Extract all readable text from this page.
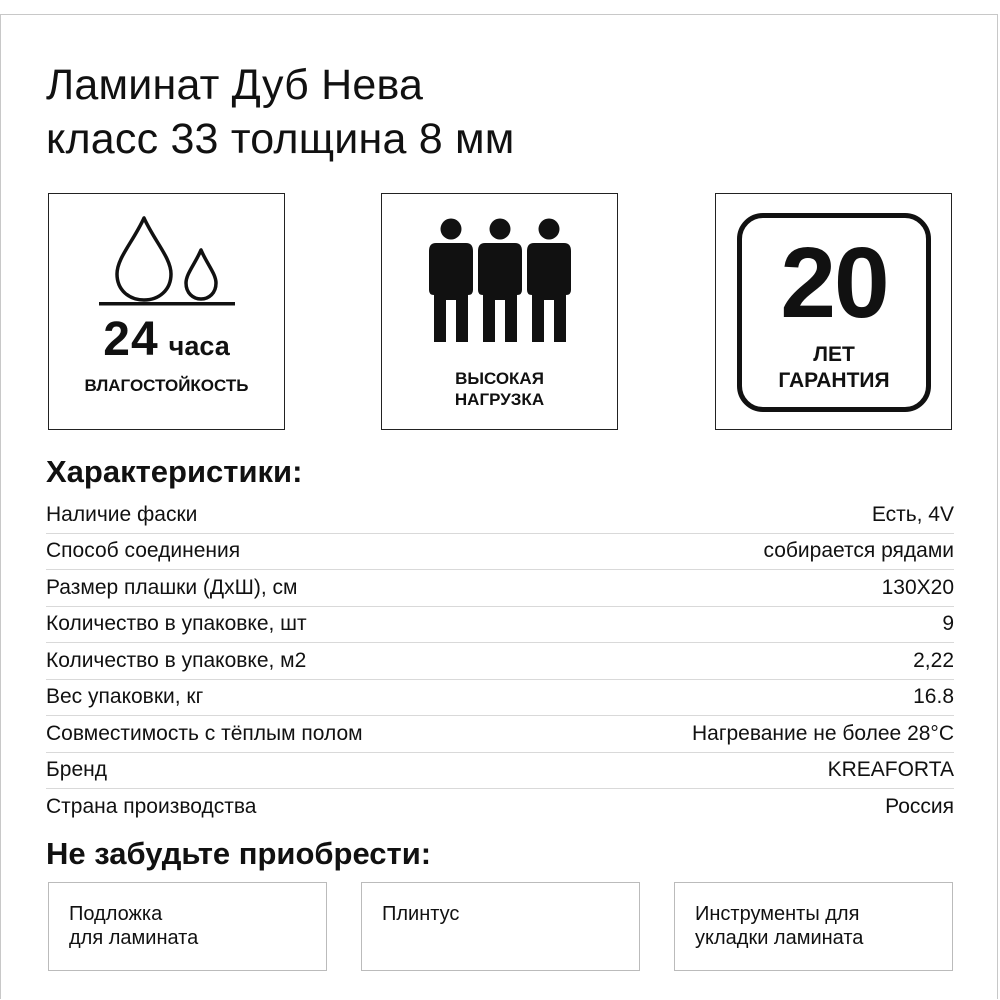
Ламинат Дуб Нева
класс 33 толщина 8 мм
24 часа
ВЛАГОСТОЙКОСТЬ	ВЫСОКАЯ
НАГРУЗКА
20
ЛЕТ
ГАРАНТИЯ
Характеристики:
Наличие фаски	Есть, 4V
Способ соединения	собирается рядами
Размер плашки (ДхШ), см	130Х20
Количество в упаковке, шт	9
Количество в упаковке, м2	2,22
Вес упаковки, кг	16.8
Совместимость с тёплым полом	Нагревание не более 28°С
Бренд	KREAFORTA
Страна производства	Россия
Не забудьте приобрести:
Подложка
для ламината
Плинтус	Инструменты для
укладки ламината
